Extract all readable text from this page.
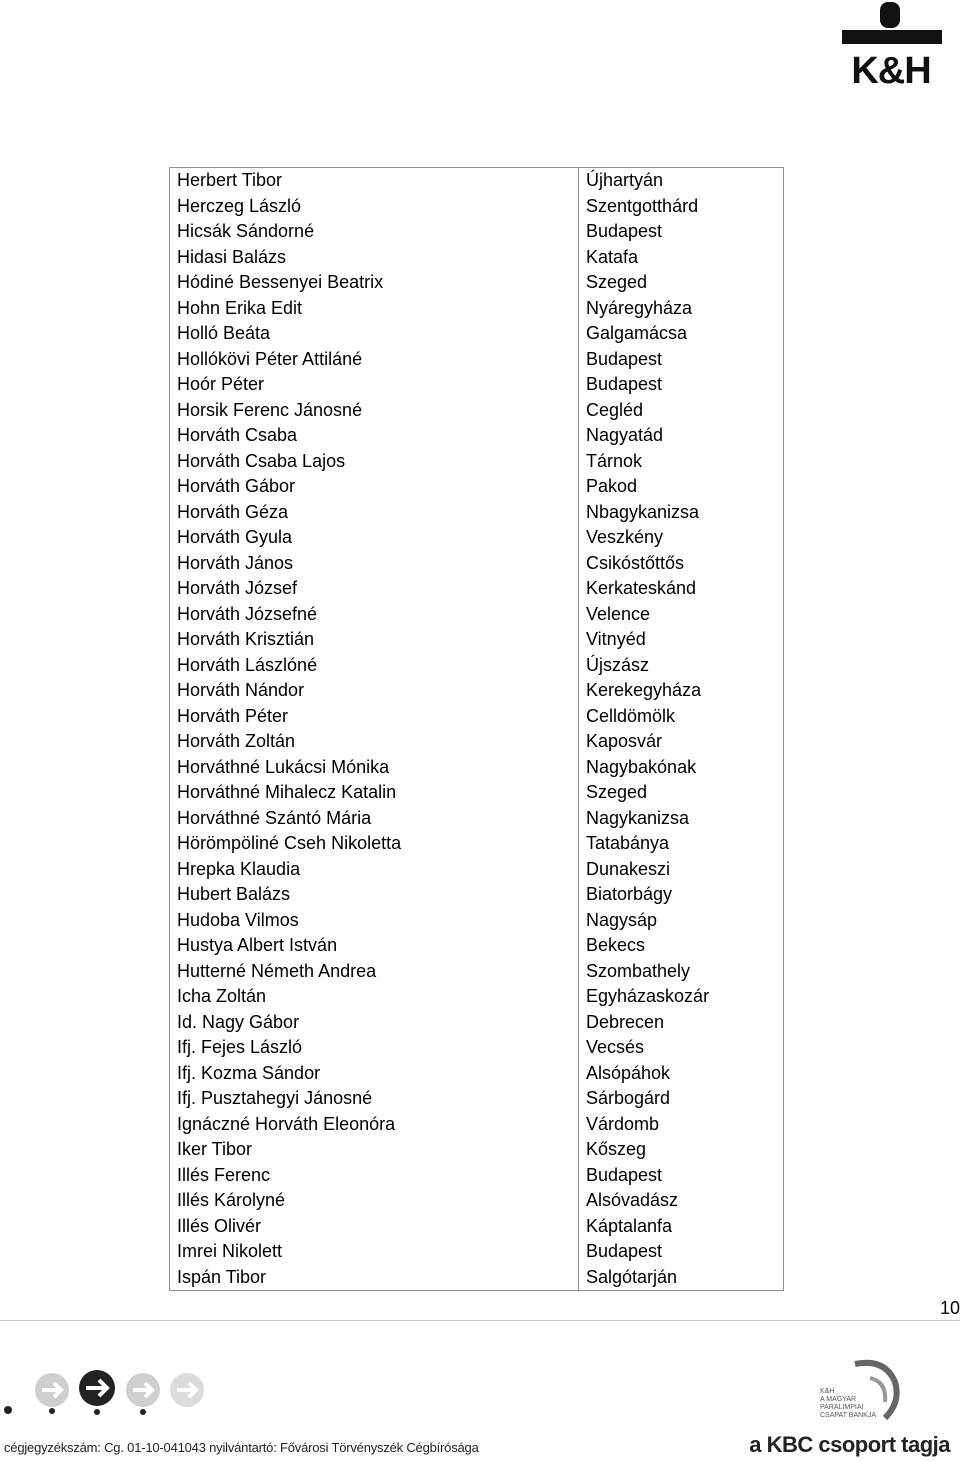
K&H
Herbert Tibor	Újhartyán
Herczeg László	Szentgotthárd
Hicsák Sándorné	Budapest
Hidasi Balázs	Katafa
Hódiné Bessenyei Beatrix	Szeged
Hohn Erika Edit	Nyáregyháza
Holló Beáta	Galgamácsa
Hollókövi Péter Attiláné	Budapest
Hoór Péter	Budapest
Horsik Ferenc Jánosné	Cegléd
Horváth Csaba	Nagyatád
Horváth Csaba Lajos	Tárnok
Horváth Gábor	Pakod
Horváth Géza	Nbagykanizsa
Horváth Gyula	Veszkény
Horváth János	Csikóstőttős
Horváth József	Kerkateskánd
Horváth Józsefné	Velence
Horváth Krisztián	Vitnyéd
Horváth Lászlóné	Újszász
Horváth Nándor	Kerekegyháza
Horváth Péter	Celldömölk
Horváth Zoltán	Kaposvár
Horváthné Lukácsi Mónika	Nagybakónak
Horváthné Mihalecz Katalin	Szeged
Horváthné Szántó Mária	Nagykanizsa
Hörömpöliné Cseh Nikoletta	Tatabánya
Hrepka Klaudia	Dunakeszi
Hubert Balázs	Biatorbágy
Hudoba Vilmos	Nagysáp
Hustya Albert István	Bekecs
Hutterné Németh Andrea	Szombathely
Icha Zoltán	Egyházaskozár
Id. Nagy Gábor	Debrecen
Ifj. Fejes László	Vecsés
Ifj. Kozma Sándor	Alsópáhok
Ifj. Pusztahegyi Jánosné	Sárbogárd
Ignáczné Horváth Eleonóra	Várdomb
Iker Tibor	Kőszeg
Illés Ferenc	Budapest
Illés Károlyné	Alsóvadász
Illés Olivér	Káptalanfa
Imrei Nikolett	Budapest
Ispán Tibor	Salgótarján
10
K&H
A MAGYAR
PARALIMPIAI
CSAPAT BANKJA
cégjegyzékszám: Cg. 01-10-041043 nyilvántartó: Fővárosi Törvényszék Cégbírósága	a KBC csoport tagja
